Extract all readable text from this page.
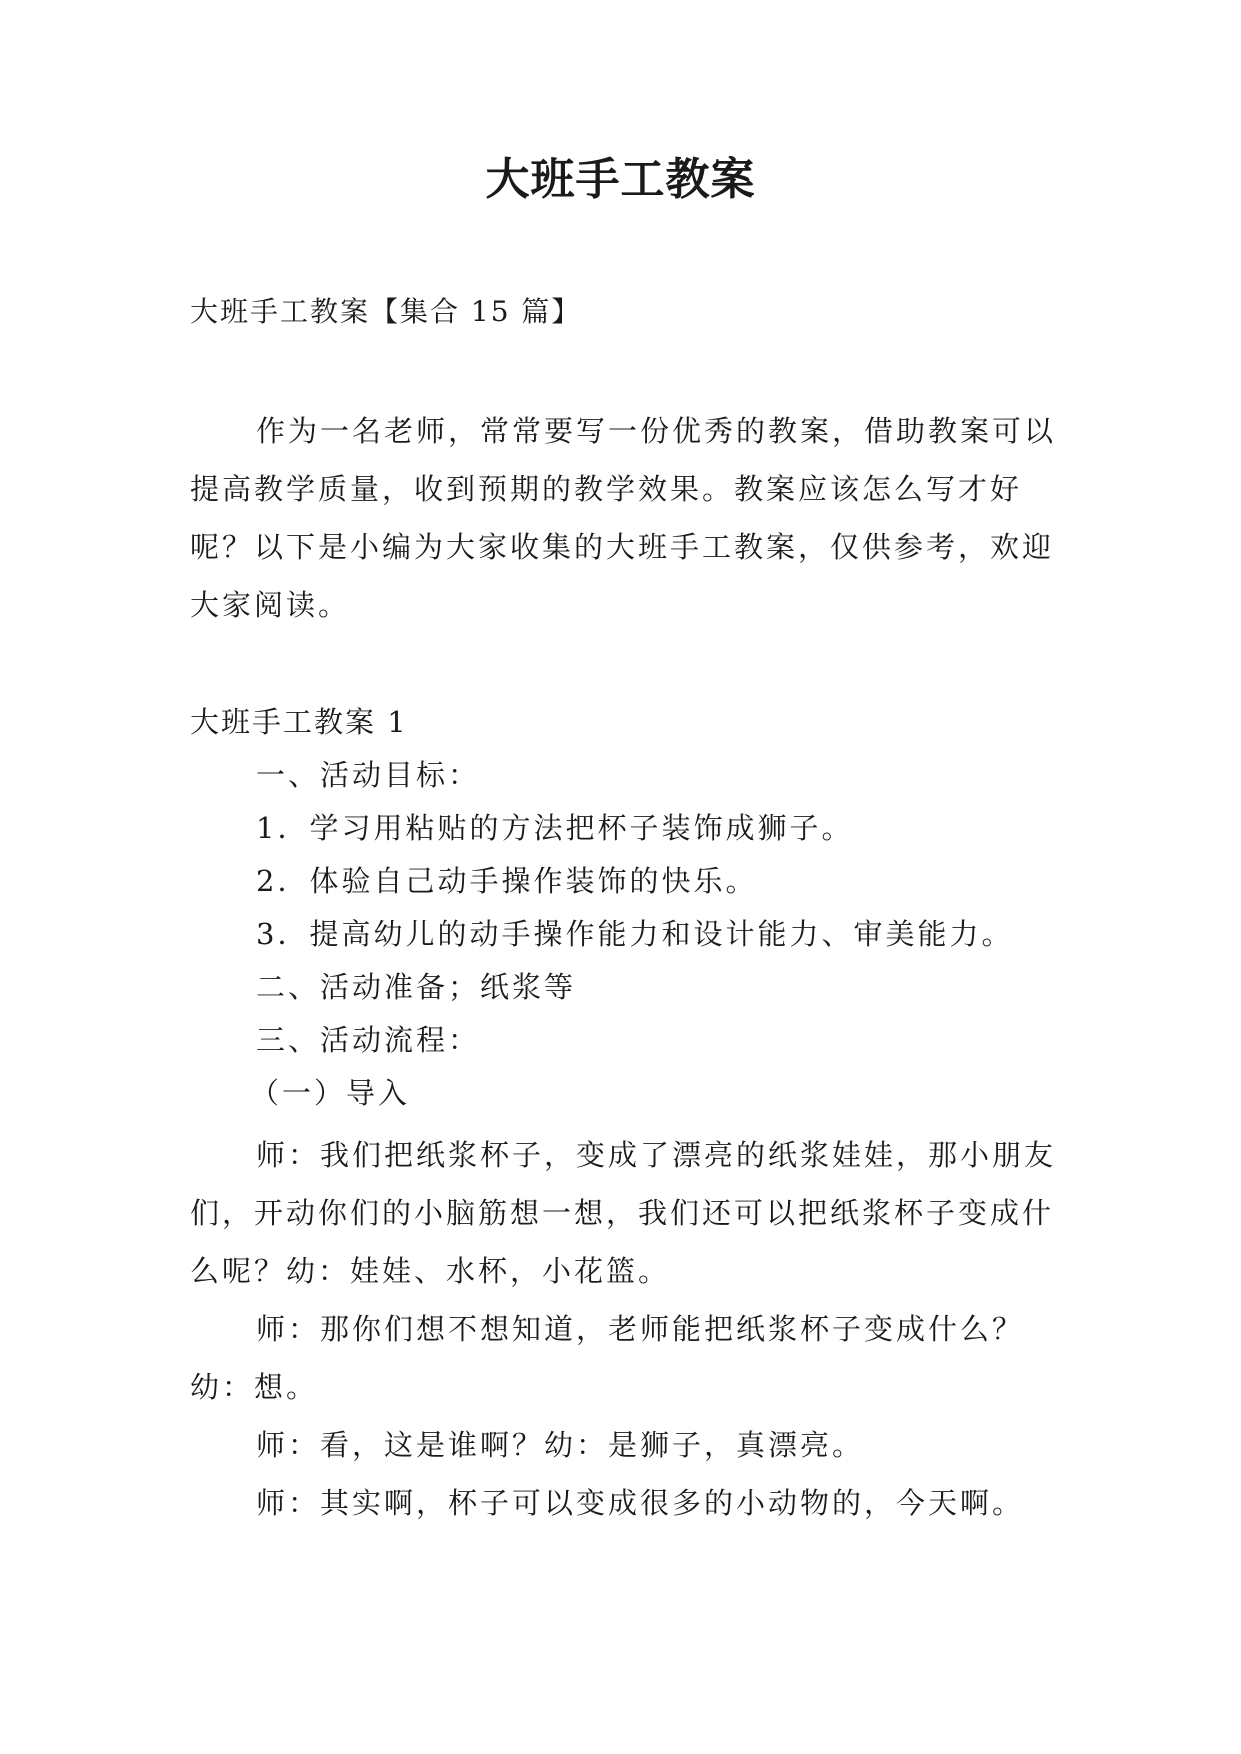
大班手工教案
大班手工教案【集合 15 篇】

作为一名老师，常常要写一份优秀的教案，借助教案可以提高教学质量，收到预期的教学效果。教案应该怎么写才好呢？以下是小编为大家收集的大班手工教案，仅供参考，欢迎大家阅读。

大班手工教案 1
一、活动目标：
1．学习用粘贴的方法把杯子装饰成狮子。
2．体验自己动手操作装饰的快乐。
3．提高幼儿的动手操作能力和设计能力、审美能力。
二、活动准备；纸浆等
三、活动流程：
（一）导入

师：我们把纸浆杯子，变成了漂亮的纸浆娃娃，那小朋友们，开动你们的小脑筋想一想，我们还可以把纸浆杯子变成什么呢？幼：娃娃、水杯，小花篮。

师：那你们想不想知道，老师能把纸浆杯子变成什么？幼：想。

师：看，这是谁啊？幼：是狮子，真漂亮。

师：其实啊，杯子可以变成很多的小动物的，今天啊。
